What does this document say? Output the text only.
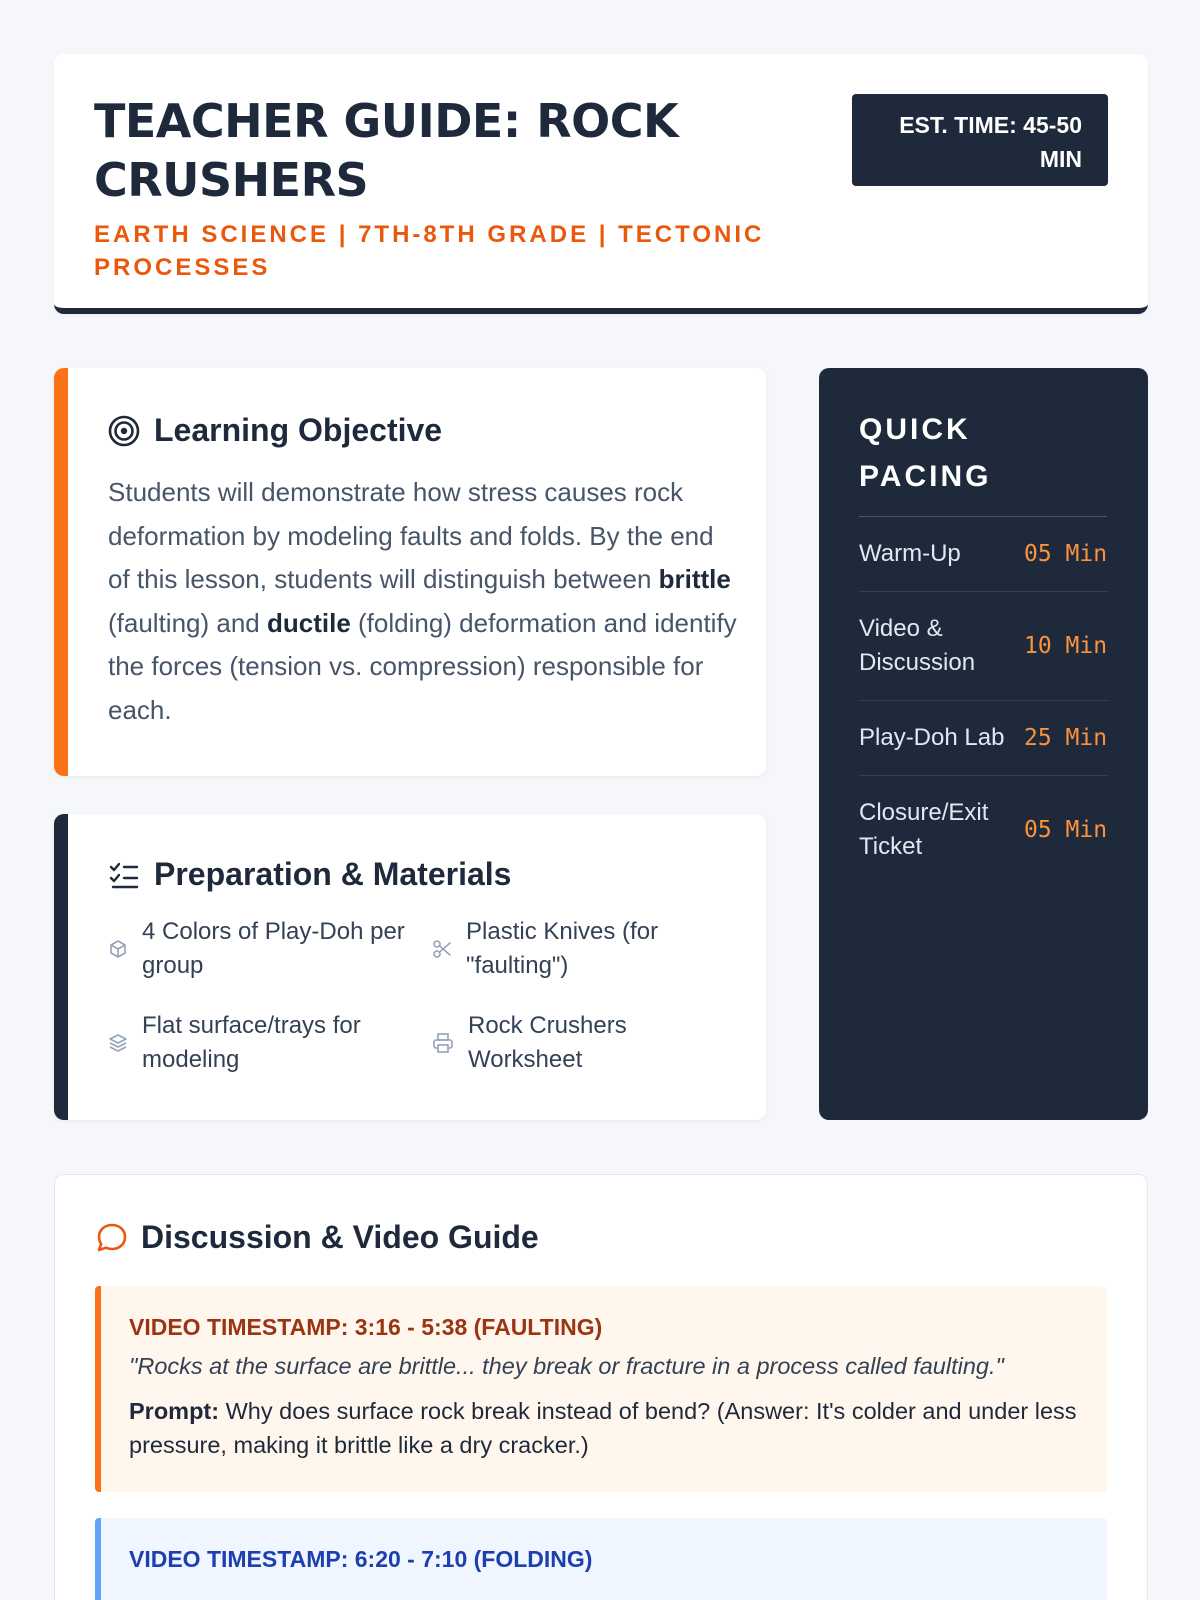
TEACHER GUIDE: ROCK CRUSHERS
EARTH SCIENCE | 7TH-8TH GRADE | TECTONIC PROCESSES
EST. TIME: 45-50 MIN
Learning Objective

Students will demonstrate how stress causes rock deformation by modeling faults and folds. By the end of this lesson, students will distinguish between brittle (faulting) and ductile (folding) deformation and identify the forces (tension vs. compression) responsible for each.

Preparation & Materials
4 Colors of Play-Doh per group
Plastic Knives (for "faulting")
Flat surface/trays for modeling
Rock Crushers Worksheet
QUICK PACING
Warm-Up	05 Min
Video & Discussion
10 Min
Play-Doh Lab 25 Min
Closure/Exit Ticket
05 Min
Discussion & Video Guide
VIDEO TIMESTAMP: 3:16 - 5:38 (FAULTING)
"Rocks at the surface are brittle... they break or fracture in a process called faulting."
Prompt: Why does surface rock break instead of bend? (Answer: It's colder and under less pressure, making it brittle like a dry cracker.)
VIDEO TIMESTAMP: 6:20 - 7:10 (FOLDING)
